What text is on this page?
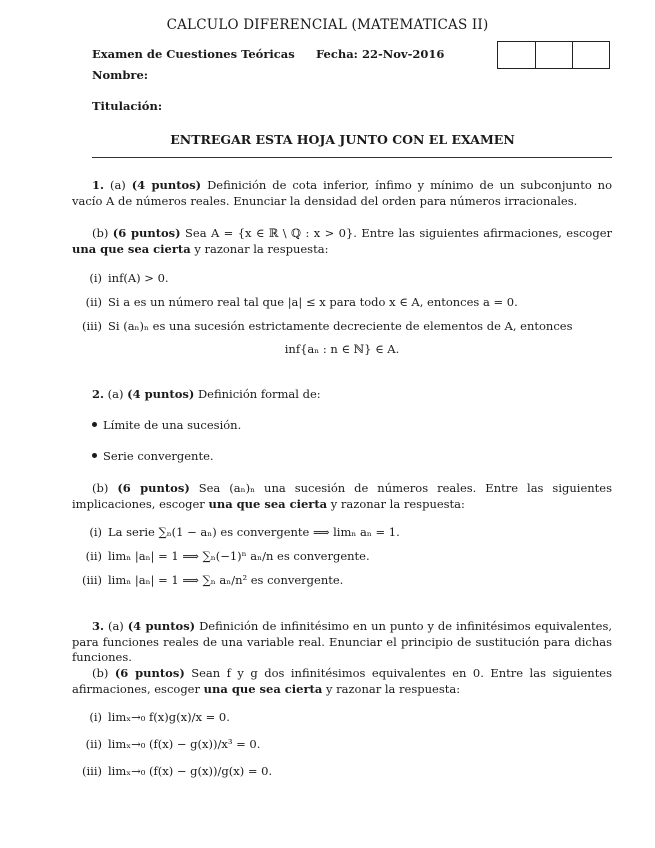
CALCULO DIFERENCIAL (MATEMATICAS II)
Examen de Cuestiones Teóricas Fecha: 22-Nov-2016
Nombre:
Titulación:
ENTREGAR ESTA HOJA JUNTO CON EL EXAMEN
1. (a) (4 puntos) Definición de cota inferior, ínfimo y mínimo de un subconjunto no vacío A de números reales. Enunciar la densidad del orden para números irracionales.
(b) (6 puntos) Sea A = {x ∈ ℝ \ ℚ : x > 0}. Entre las siguientes afirmaciones, escoger una que sea cierta y razonar la respuesta:
(i) inf(A) > 0.
(ii) Si a es un número real tal que |a| ≤ x para todo x ∈ A, entonces a = 0.
(iii) Si (aₙ)ₙ es una sucesión estrictamente decreciente de elementos de A, entonces
inf{aₙ : n ∈ ℕ} ∈ A.
2. (a) (4 puntos) Definición formal de:
Límite de una sucesión.
Serie convergente.
(b) (6 puntos) Sea (aₙ)ₙ una sucesión de números reales. Entre las siguientes implicaciones, escoger una que sea cierta y razonar la respuesta:
(i) La serie ∑ₙ(1 − aₙ) es convergente ⟹ limₙ aₙ = 1.
(ii) limₙ |aₙ| = 1 ⟹ ∑ₙ(−1)ⁿ aₙ/n es convergente.
(iii) limₙ |aₙ| = 1 ⟹ ∑ₙ aₙ/n² es convergente.
3. (a) (4 puntos) Definición de infinitésimo en un punto y de infinitésimos equivalentes, para funciones reales de una variable real. Enunciar el principio de sustitución para dichas funciones.
(b) (6 puntos) Sean f y g dos infinitésimos equivalentes en 0. Entre las siguientes afirmaciones, escoger una que sea cierta y razonar la respuesta:
(i) limₓ→₀ f(x)g(x)/x = 0.
(ii) limₓ→₀ (f(x) − g(x))/x³ = 0.
(iii) limₓ→₀ (f(x) − g(x))/g(x) = 0.
